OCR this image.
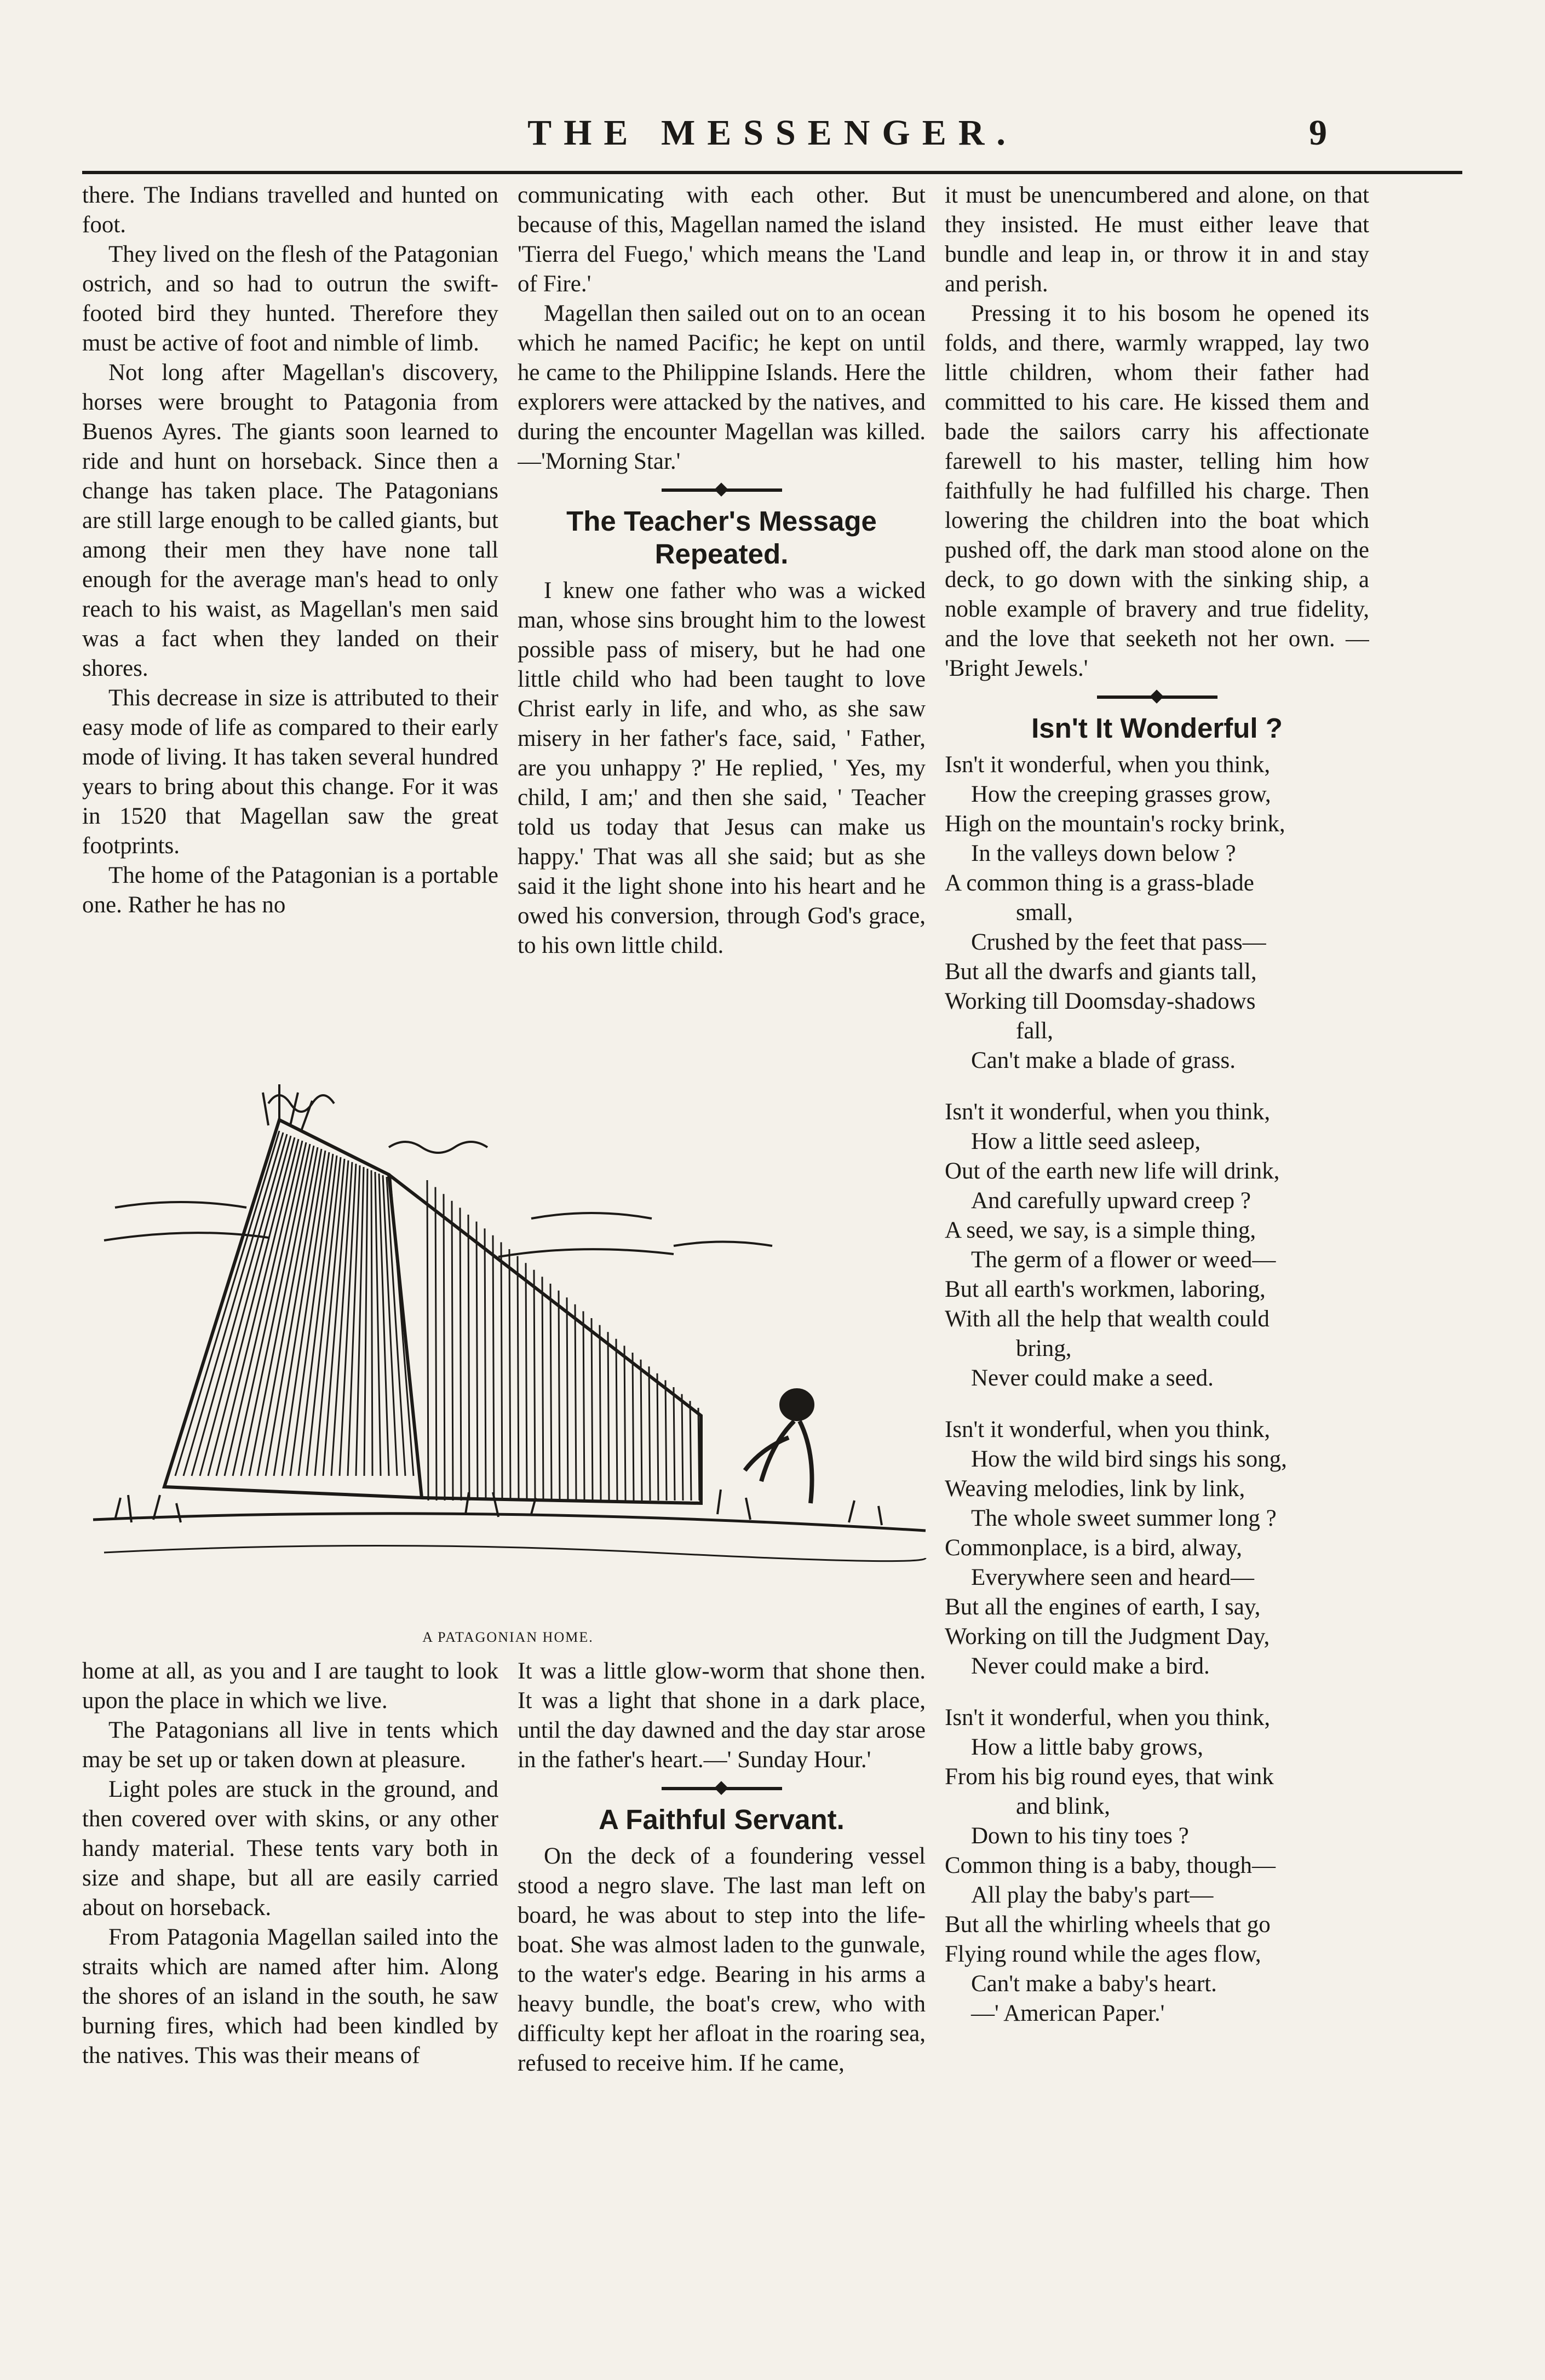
THE MESSENGER.	9

there. The Indians travelled and hunted on foot.

They lived on the flesh of the Patagonian ostrich, and so had to outrun the swift-footed bird they hunted. Therefore they must be active of foot and nimble of limb.

Not long after Magellan's discovery, horses were brought to Patagonia from Buenos Ayres. The giants soon learned to ride and hunt on horseback. Since then a change has taken place. The Patagonians are still large enough to be called giants, but among their men they have none tall enough for the average man's head to only reach to his waist, as Magellan's men said was a fact when they landed on their shores.

This decrease in size is attributed to their easy mode of life as compared to their early mode of living. It has taken several hundred years to bring about this change. For it was in 1520 that Magellan saw the great footprints.

The home of the Patagonian is a portable one. Rather he has no

communicating with each other. But because of this, Magellan named the island 'Tierra del Fuego,' which means the 'Land of Fire.'

Magellan then sailed out on to an ocean which he named Pacific; he kept on until he came to the Philippine Islands. Here the explorers were attacked by the natives, and during the encounter Magellan was killed.—'Morning Star.'

The Teacher's Message Repeated.

I knew one father who was a wicked man, whose sins brought him to the lowest possible pass of misery, but he had one little child who had been taught to love Christ early in life, and who, as she saw misery in her father's face, said, ' Father, are you unhappy ?' He replied, ' Yes, my child, I am;' and then she said, ' Teacher told us today that Jesus can make us happy.' That was all she said; but as she said it the light shone into his heart and he owed his conversion, through God's grace, to his own little child.

it must be unencumbered and alone, on that they insisted. He must either leave that bundle and leap in, or throw it in and stay and perish.

Pressing it to his bosom he opened its folds, and there, warmly wrapped, lay two little children, whom their father had committed to his care. He kissed them and bade the sailors carry his affectionate farewell to his master, telling him how faithfully he had fulfilled his charge. Then lowering the children into the boat which pushed off, the dark man stood alone on the deck, to go down with the sinking ship, a noble example of bravery and true fidelity, and the love that seeketh not her own. — 'Bright Jewels.'

Isn't It Wonderful ?
Isn't it wonderful, when you think,
How the creeping grasses grow,
High on the mountain's rocky brink,
In the valleys down below ?
A common thing is a grass-blade
small,
Crushed by the feet that pass—
But all the dwarfs and giants tall,
Working till Doomsday-shadows
fall,
Can't make a blade of grass.
Isn't it wonderful, when you think,
How a little seed asleep,
Out of the earth new life will drink,
And carefully upward creep ?
A seed, we say, is a simple thing,
The germ of a flower or weed—
But all earth's workmen, laboring,
With all the help that wealth could
bring,
Never could make a seed.
Isn't it wonderful, when you think,
How the wild bird sings his song,
Weaving melodies, link by link,
The whole sweet summer long ?
Commonplace, is a bird, alway,
Everywhere seen and heard—
But all the engines of earth, I say,
Working on till the Judgment Day,
Never could make a bird.
Isn't it wonderful, when you think,
How a little baby grows,
From his big round eyes, that wink
and blink,
Down to his tiny toes ?
Common thing is a baby, though—
All play the baby's part—
But all the whirling wheels that go
Flying round while the ages flow,
Can't make a baby's heart.
—' American Paper.'
A PATAGONIAN HOME.

home at all, as you and I are taught to look upon the place in which we live.

The Patagonians all live in tents which may be set up or taken down at pleasure.

Light poles are stuck in the ground, and then covered over with skins, or any other handy material. These tents vary both in size and shape, but all are easily carried about on horseback.

From Patagonia Magellan sailed into the straits which are named after him. Along the shores of an island in the south, he saw burning fires, which had been kindled by the natives. This was their means of

It was a little glow-worm that shone then. It was a light that shone in a dark place, until the day dawned and the day star arose in the father's heart.—' Sunday Hour.'

A Faithful Servant.

On the deck of a foundering vessel stood a negro slave. The last man left on board, he was about to step into the life-boat. She was almost laden to the gunwale, to the water's edge. Bearing in his arms a heavy bundle, the boat's crew, who with difficulty kept her afloat in the roaring sea, refused to receive him. If he came,
